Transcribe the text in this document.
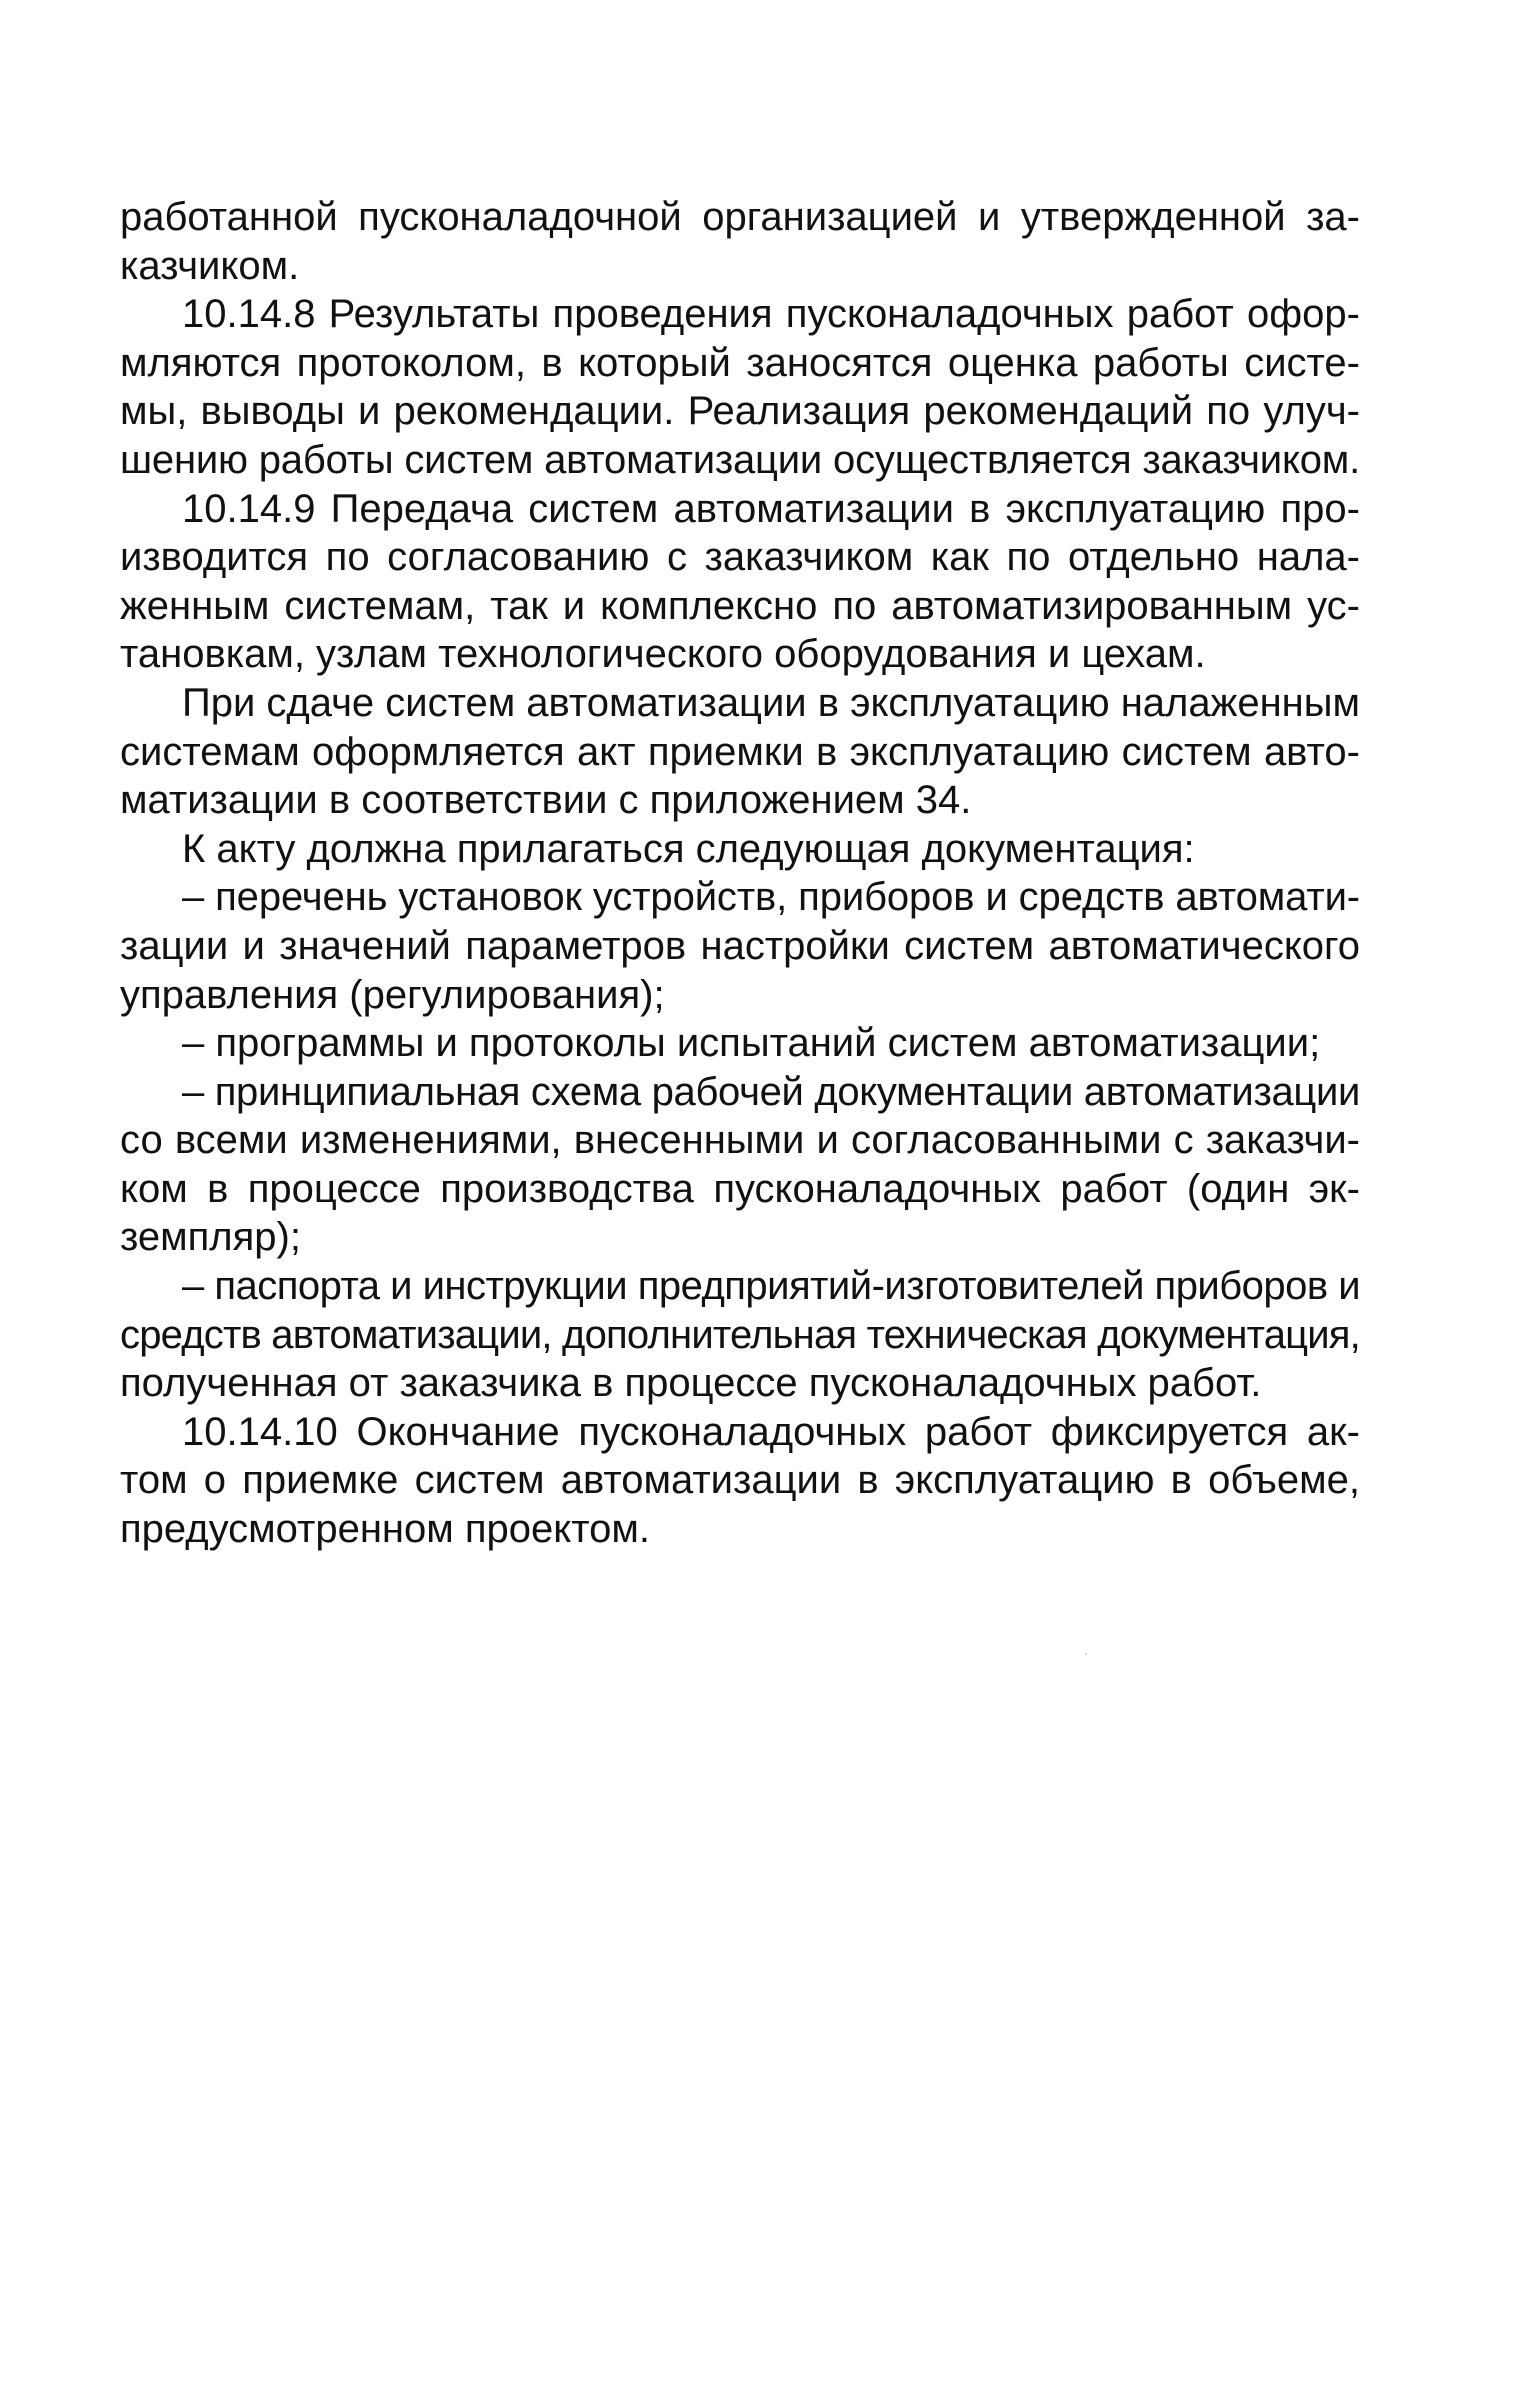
работанной пусконаладочной организацией и утвержденной за-
казчиком.
10.14.8 Результаты проведения пусконаладочных работ офор-
мляются протоколом, в который заносятся оценка работы систе-
мы, выводы и рекомендации. Реализация рекомендаций по улуч-
шению работы систем автоматизации осуществляется заказчиком.
10.14.9 Передача систем автоматизации в эксплуатацию про-
изводится по согласованию с заказчиком как по отдельно нала-
женным системам, так и комплексно по автоматизированным ус-
тановкам, узлам технологического оборудования и цехам.
При сдаче систем автоматизации в эксплуатацию налаженным
системам оформляется акт приемки в эксплуатацию систем авто-
матизации в соответствии с приложением 34.
К акту должна прилагаться следующая документация:
– перечень установок устройств, приборов и средств автомати-
зации и значений параметров настройки систем автоматического
управления (регулирования);
– программы и протоколы испытаний систем автоматизации;
– принципиальная схема рабочей документации автоматизации
со всеми изменениями, внесенными и согласованными с заказчи-
ком в процессе производства пусконаладочных работ (один эк-
земпляр);
– паспорта и инструкции предприятий-изготовителей приборов и
средств автоматизации, дополнительная техническая документация,
полученная от заказчика в процессе пусконаладочных работ.
10.14.10 Окончание пусконаладочных работ фиксируется ак-
том о приемке систем автоматизации в эксплуатацию в объеме,
предусмотренном проектом.
